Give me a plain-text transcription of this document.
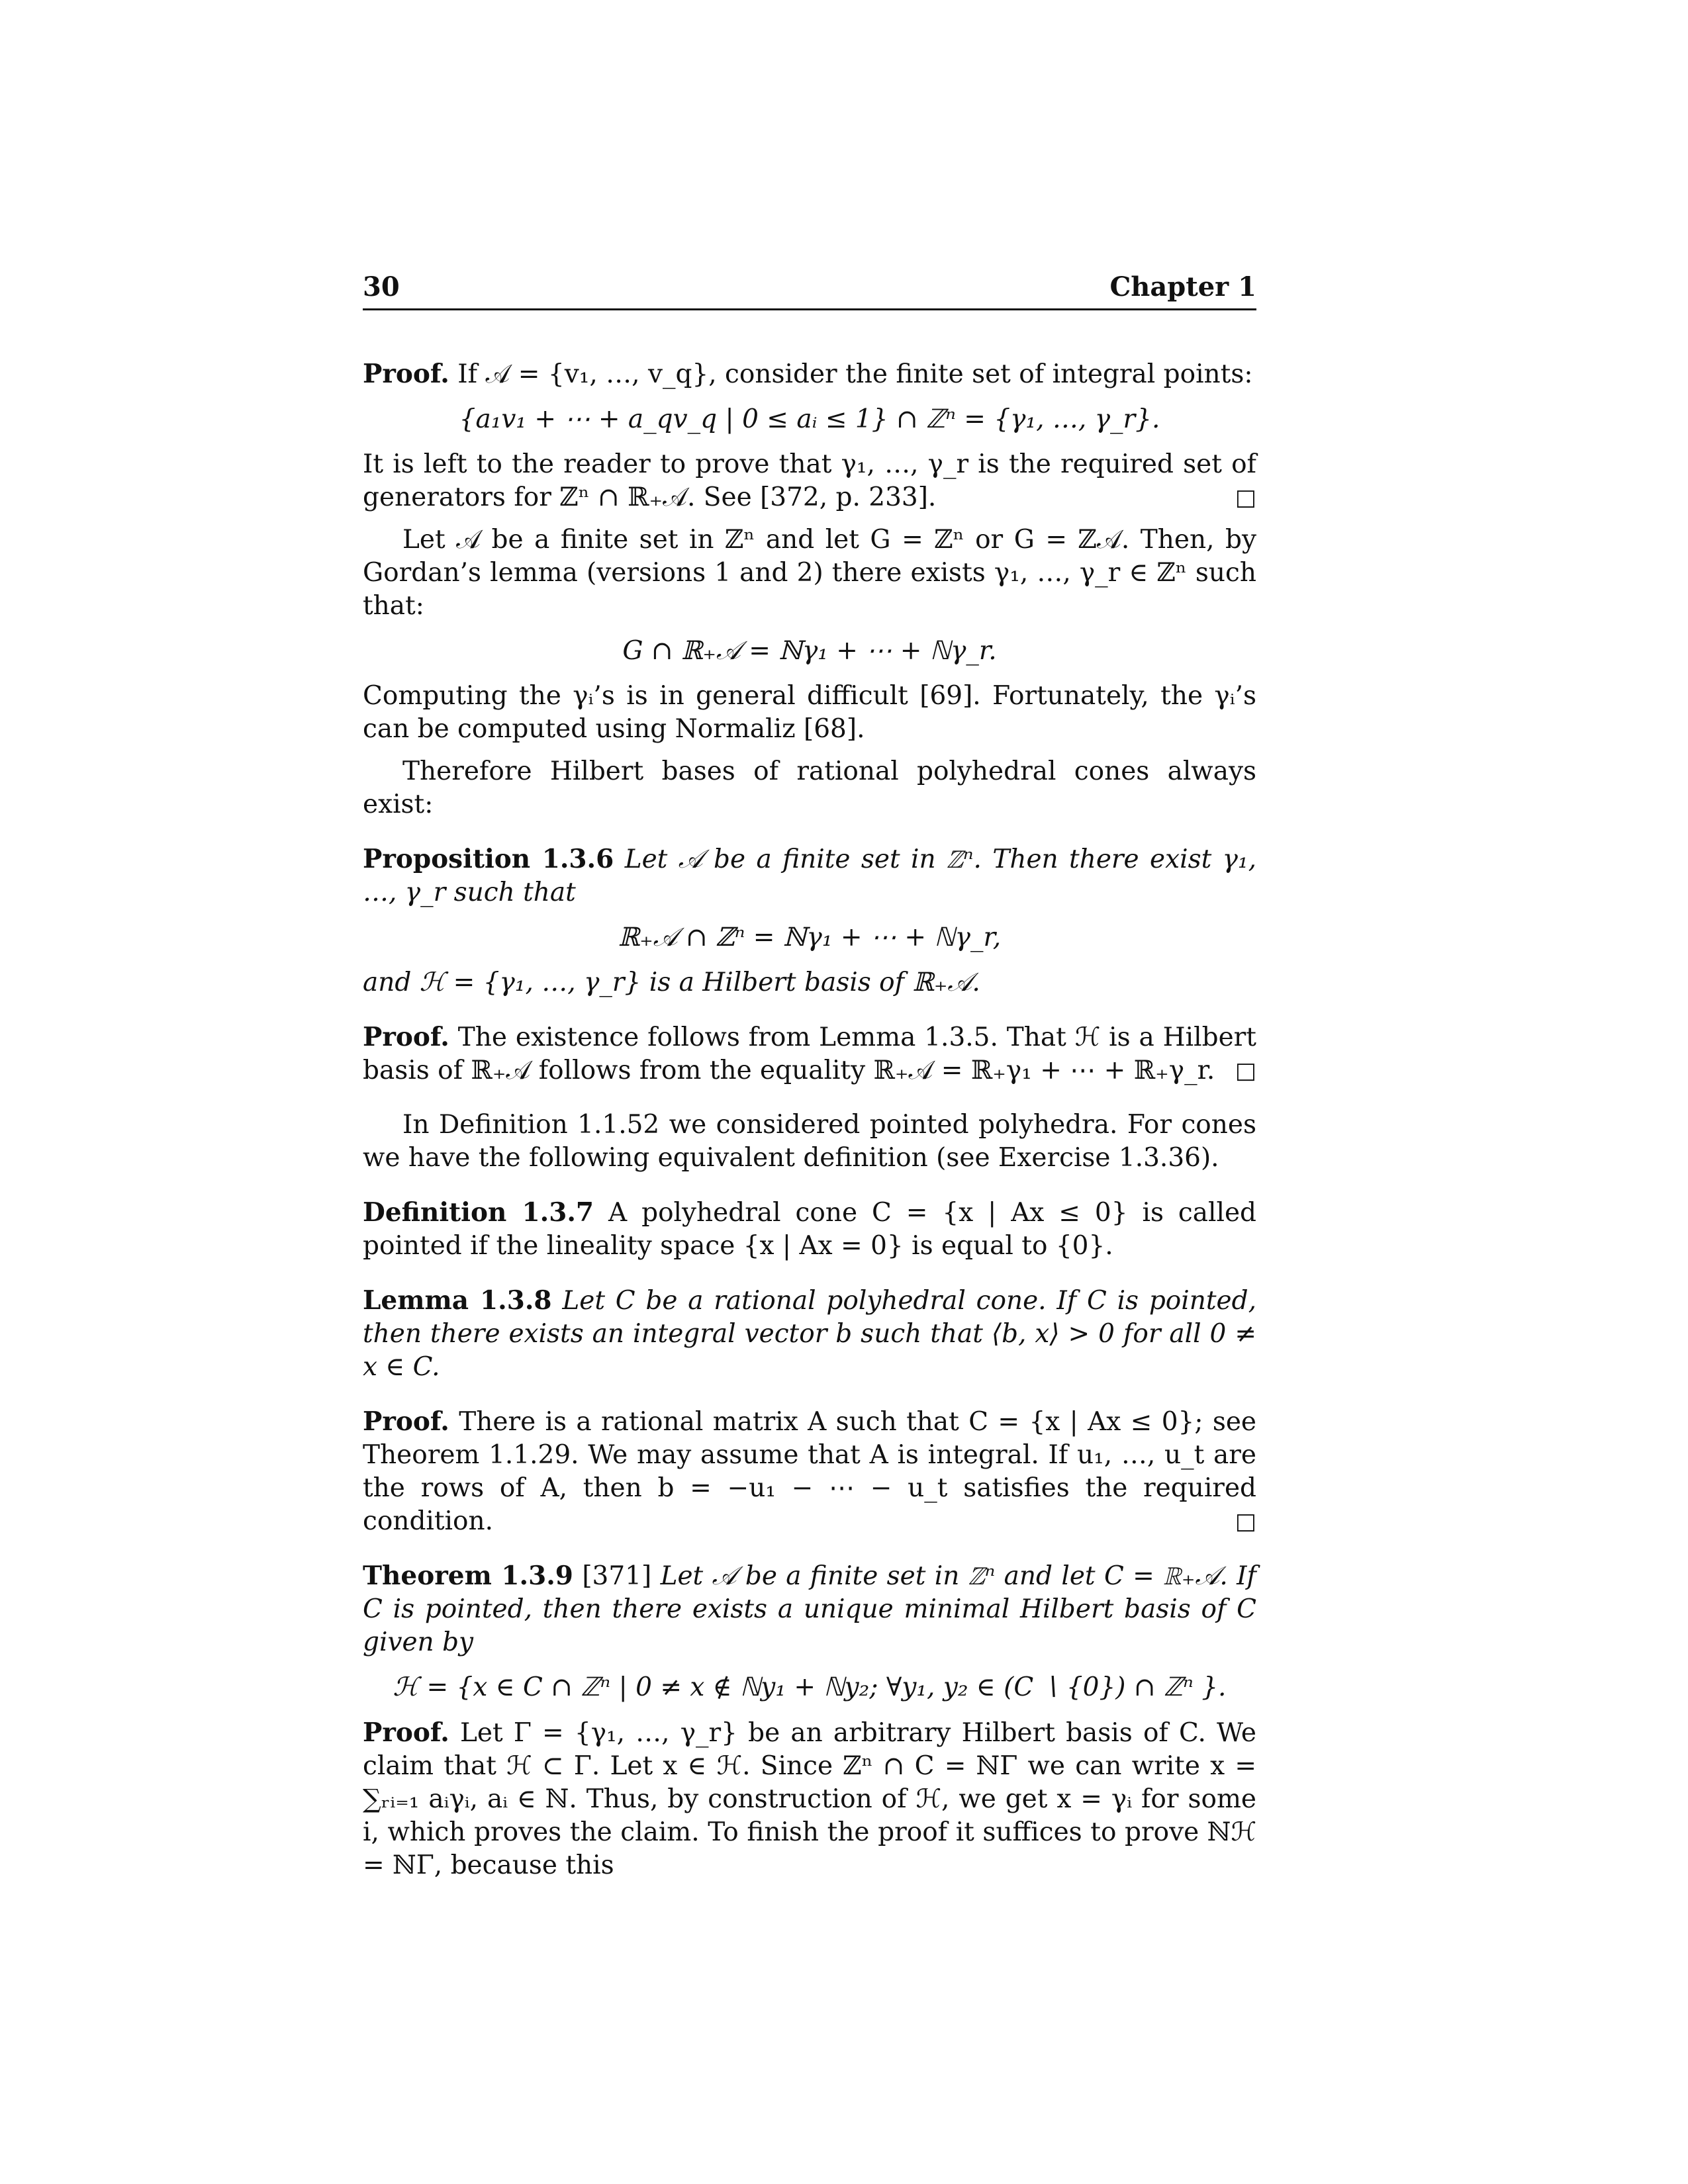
30	Chapter 1

Proof. If 𝒜 = {v₁, …, v_q}, consider the finite set of integral points:

{a₁v₁ + ⋯ + a_qv_q | 0 ≤ aᵢ ≤ 1} ∩ ℤⁿ = {γ₁, …, γ_r}.

It is left to the reader to prove that γ₁, …, γ_r is the required set of generators for ℤⁿ ∩ ℝ₊𝒜. See [372, p. 233].	□

Let 𝒜 be a finite set in ℤⁿ and let G = ℤⁿ or G = ℤ𝒜. Then, by Gordan’s lemma (versions 1 and 2) there exists γ₁, …, γ_r ∈ ℤⁿ such that:

G ∩ ℝ₊𝒜 = ℕγ₁ + ⋯ + ℕγ_r.

Computing the γᵢ’s is in general difficult [69]. Fortunately, the γᵢ’s can be computed using Normaliz [68].

Therefore Hilbert bases of rational polyhedral cones always exist:

Proposition 1.3.6 Let 𝒜 be a finite set in ℤⁿ. Then there exist γ₁, …, γ_r such that

ℝ₊𝒜 ∩ ℤⁿ = ℕγ₁ + ⋯ + ℕγ_r,

and ℋ = {γ₁, …, γ_r} is a Hilbert basis of ℝ₊𝒜.

Proof. The existence follows from Lemma 1.3.5. That ℋ is a Hilbert basis of ℝ₊𝒜 follows from the equality ℝ₊𝒜 = ℝ₊γ₁ + ⋯ + ℝ₊γ_r. □

In Definition 1.1.52 we considered pointed polyhedra. For cones we have the following equivalent definition (see Exercise 1.3.36).

Definition 1.3.7 A polyhedral cone C = {x | Ax ≤ 0} is called pointed if the lineality space {x | Ax = 0} is equal to {0}.

Lemma 1.3.8 Let C be a rational polyhedral cone. If C is pointed, then there exists an integral vector b such that ⟨b, x⟩ > 0 for all 0 ≠ x ∈ C.

Proof. There is a rational matrix A such that C = {x | Ax ≤ 0}; see Theorem 1.1.29. We may assume that A is integral. If u₁, …, u_t are the rows of A, then b = −u₁ − ⋯ − u_t satisfies the required condition.	□

Theorem 1.3.9 [371] Let 𝒜 be a finite set in ℤⁿ and let C = ℝ₊𝒜. If C is pointed, then there exists a unique minimal Hilbert basis of C given by

ℋ = {x ∈ C ∩ ℤⁿ | 0 ≠ x ∉ ℕy₁ + ℕy₂; ∀y₁, y₂ ∈ (C ∖ {0}) ∩ ℤⁿ }.

Proof. Let Γ = {γ₁, …, γ_r} be an arbitrary Hilbert basis of C. We claim that ℋ ⊂ Γ. Let x ∈ ℋ. Since ℤⁿ ∩ C = ℕΓ we can write x = ∑ᵣᵢ₌₁ aᵢγᵢ, aᵢ ∈ ℕ. Thus, by construction of ℋ, we get x = γᵢ for some i, which proves the claim. To finish the proof it suffices to prove ℕℋ = ℕΓ, because this
